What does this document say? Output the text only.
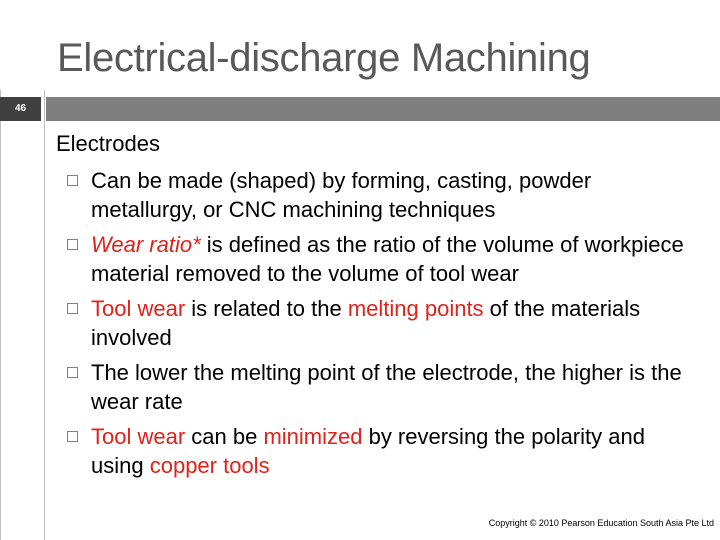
Electrical-discharge Machining
46
Electrodes
Can be made (shaped) by forming, casting, powder metallurgy, or CNC machining techniques
Wear ratio* is defined as the ratio of the volume of workpiece material removed to the volume of tool wear
Tool wear is related to the melting points of the materials involved
The lower the melting point of the electrode, the higher is the wear rate
Tool wear can be minimized by reversing the polarity and using copper tools
Copyright © 2010 Pearson Education South Asia Pte Ltd
